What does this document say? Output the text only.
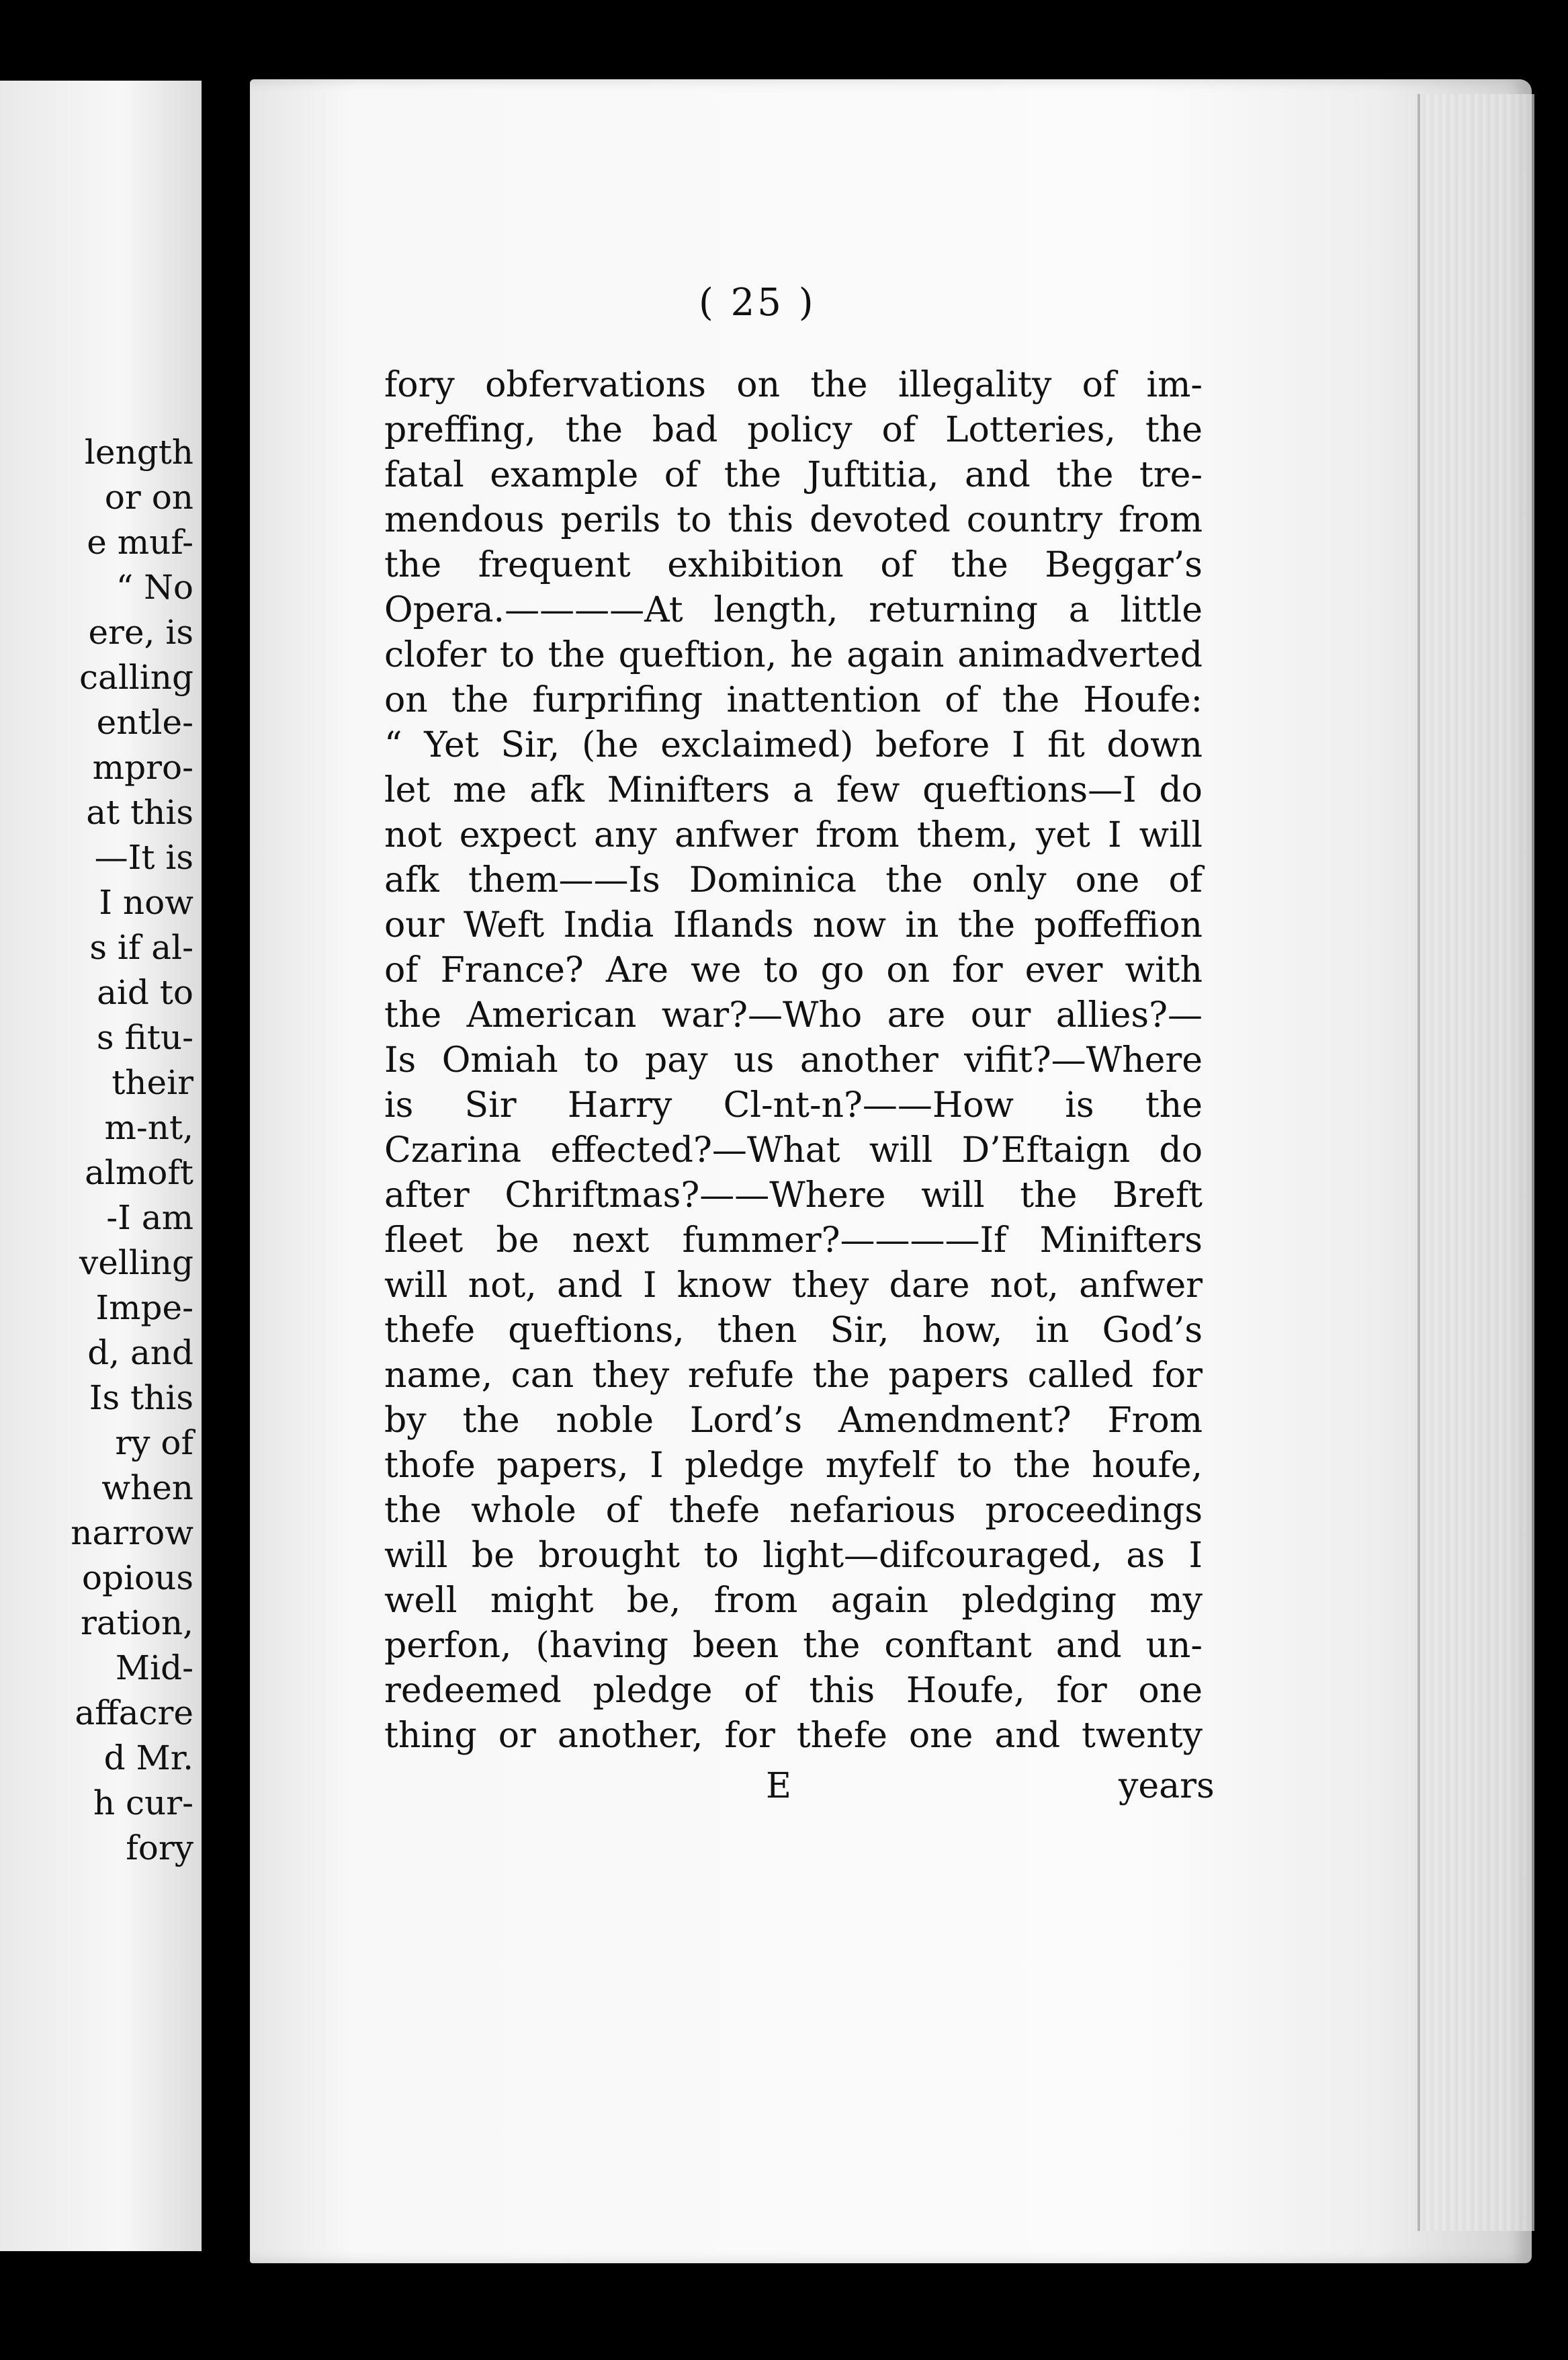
length
or on
e muf-
“ No
ere, is
calling
entle-
mpro-
at this
—It is
I now
s if al-
aid to
s fitu-
their
m-nt,
almoft
-I am
velling
Impe-
d, and
Is this
ry of
when
narrow
opious
ration,
Mid-
affacre
d Mr.
h cur-
fory
( 25 )
fory obfervations on the illegality of im-
preffing, the bad policy of Lotteries, the
fatal example of the Juftitia, and the tre-
mendous perils to this devoted country from
the frequent exhibition of the Beggar’s
Opera.————At length, returning a little
clofer to the queftion, he again animadverted
on the furprifing inattention of the Houfe:
“ Yet Sir, (he exclaimed) before I fit down
let me afk Minifters a few queftions—I do
not expect any anfwer from them, yet I will
afk them——Is Dominica the only one of
our Weft India Iflands now in the poffeffion
of France? Are we to go on for ever with
the American war?—Who are our allies?—
Is Omiah to pay us another vifit?—Where
is Sir Harry Cl-nt-n?——How is the
Czarina effected?—What will D’Eftaign do
after Chriftmas?——Where will the Breft
fleet be next fummer?————If Minifters
will not, and I know they dare not, anfwer
thefe queftions, then Sir, how, in God’s
name, can they refufe the papers called for
by the noble Lord’s Amendment? From
thofe papers, I pledge myfelf to the houfe,
the whole of thefe nefarious proceedings
will be brought to light—difcouraged, as I
well might be, from again pledging my
perfon, (having been the conftant and un-
redeemed pledge of this Houfe, for one
thing or another, for thefe one and twenty
E	years
